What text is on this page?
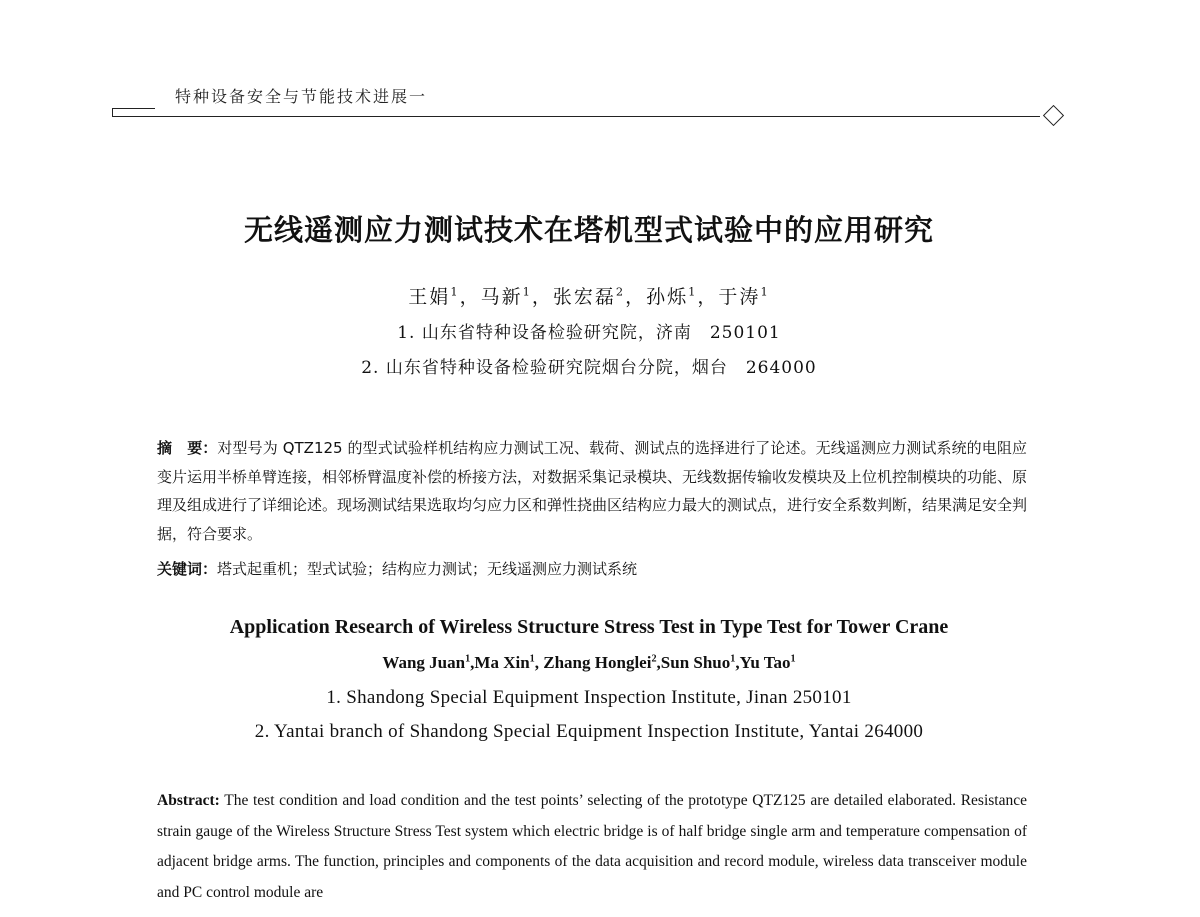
特种设备安全与节能技术进展一
无线遥测应力测试技术在塔机型式试验中的应用研究
王娟$^1$，马新$^1$，张宏磊$^2$，孙烁$^1$，于涛$^1$
1. 山东省特种设备检验研究院，济南　250101
2. 山东省特种设备检验研究院烟台分院，烟台　264000
摘　要：对型号为 QTZ125 的型式试验样机结构应力测试工况、载荷、测试点的选择进行了论述。无线遥测应力测试系统的电阻应变片运用半桥单臂连接，相邻桥臂温度补偿的桥接方法，对数据采集记录模块、无线数据传输收发模块及上位机控制模块的功能、原理及组成进行了详细论述。现场测试结果选取均匀应力区和弹性挠曲区结构应力最大的测试点，进行安全系数判断，结果满足安全判据，符合要求。
关键词：塔式起重机；型式试验；结构应力测试；无线遥测应力测试系统
Application Research of Wireless Structure Stress Test in Type Test for Tower Crane
Wang Juan$^1$,Ma Xin$^1$, Zhang Honglei$^2$,Sun Shuo$^1$,Yu Tao$^1$
1. Shandong Special Equipment Inspection Institute, Jinan 250101
2. Yantai branch of Shandong Special Equipment Inspection Institute, Yantai 264000
Abstract: The test condition and load condition and the test points’ selecting of the prototype QTZ125 are detailed elaborated. Resistance strain gauge of the Wireless Structure Stress Test system which electric bridge is of half bridge single arm and temperature compensation of adjacent bridge arms. The function, principles and components of the data acquisition and record module, wireless data transceiver module and PC control module are
